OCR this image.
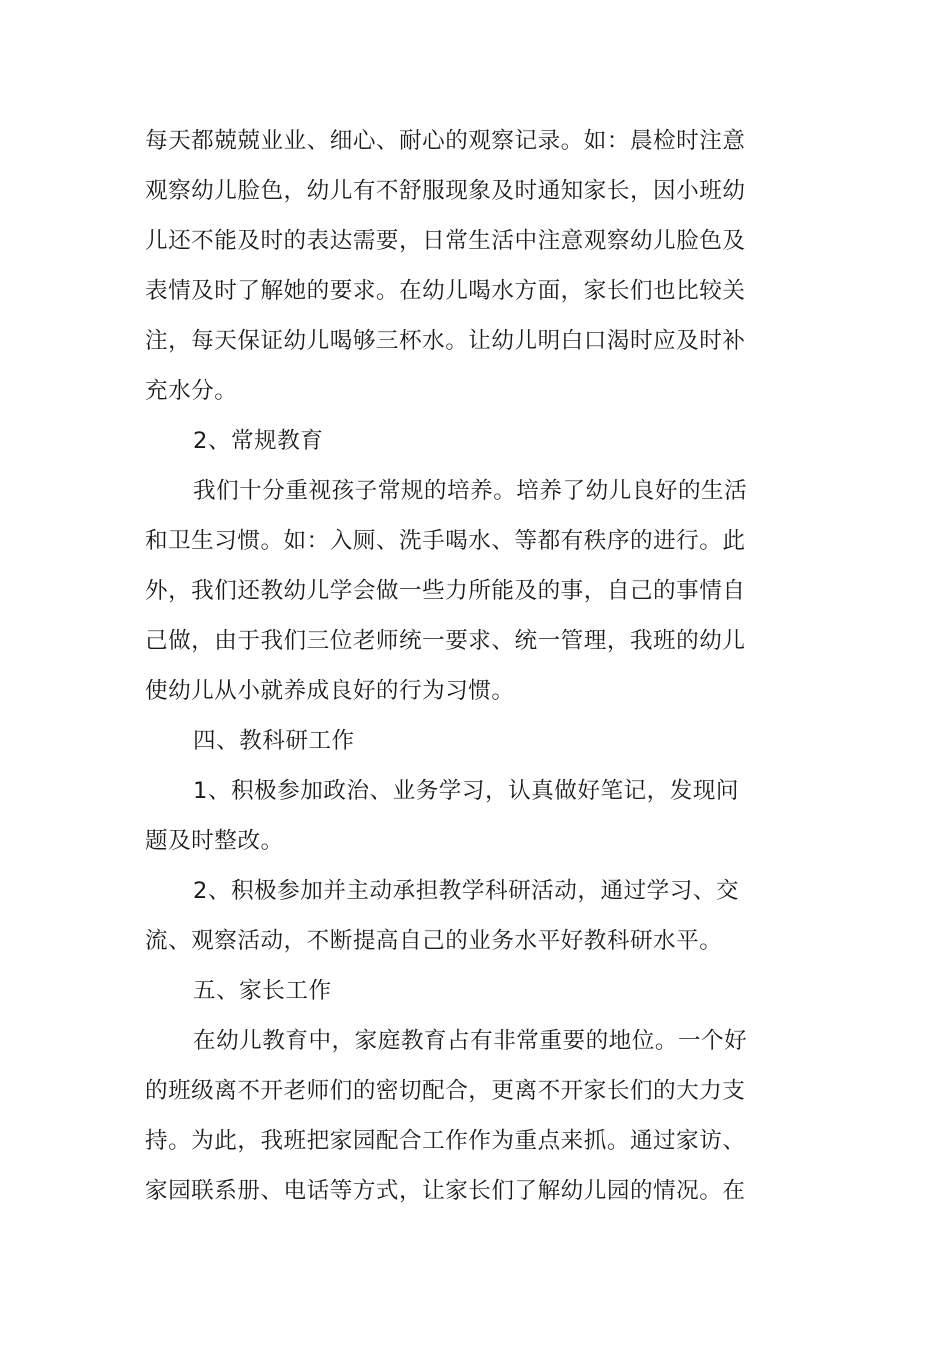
每天都兢兢业业、细心、耐心的观察记录。如：晨检时注意
观察幼儿脸色，幼儿有不舒服现象及时通知家长，因小班幼
儿还不能及时的表达需要，日常生活中注意观察幼儿脸色及
表情及时了解她的要求。在幼儿喝水方面，家长们也比较关
注，每天保证幼儿喝够三杯水。让幼儿明白口渴时应及时补
充水分。
2、常规教育
我们十分重视孩子常规的培养。培养了幼儿良好的生活
和卫生习惯。如：入厕、洗手喝水、等都有秩序的进行。此
外，我们还教幼儿学会做一些力所能及的事，自己的事情自
己做，由于我们三位老师统一要求、统一管理，我班的幼儿
使幼儿从小就养成良好的行为习惯。
四、教科研工作
1、积极参加政治、业务学习，认真做好笔记，发现问
题及时整改。
2、积极参加并主动承担教学科研活动，通过学习、交
流、观察活动，不断提高自己的业务水平好教科研水平。
五、家长工作
在幼儿教育中，家庭教育占有非常重要的地位。一个好
的班级离不开老师们的密切配合，更离不开家长们的大力支
持。为此，我班把家园配合工作作为重点来抓。通过家访、
家园联系册、电话等方式，让家长们了解幼儿园的情况。在
